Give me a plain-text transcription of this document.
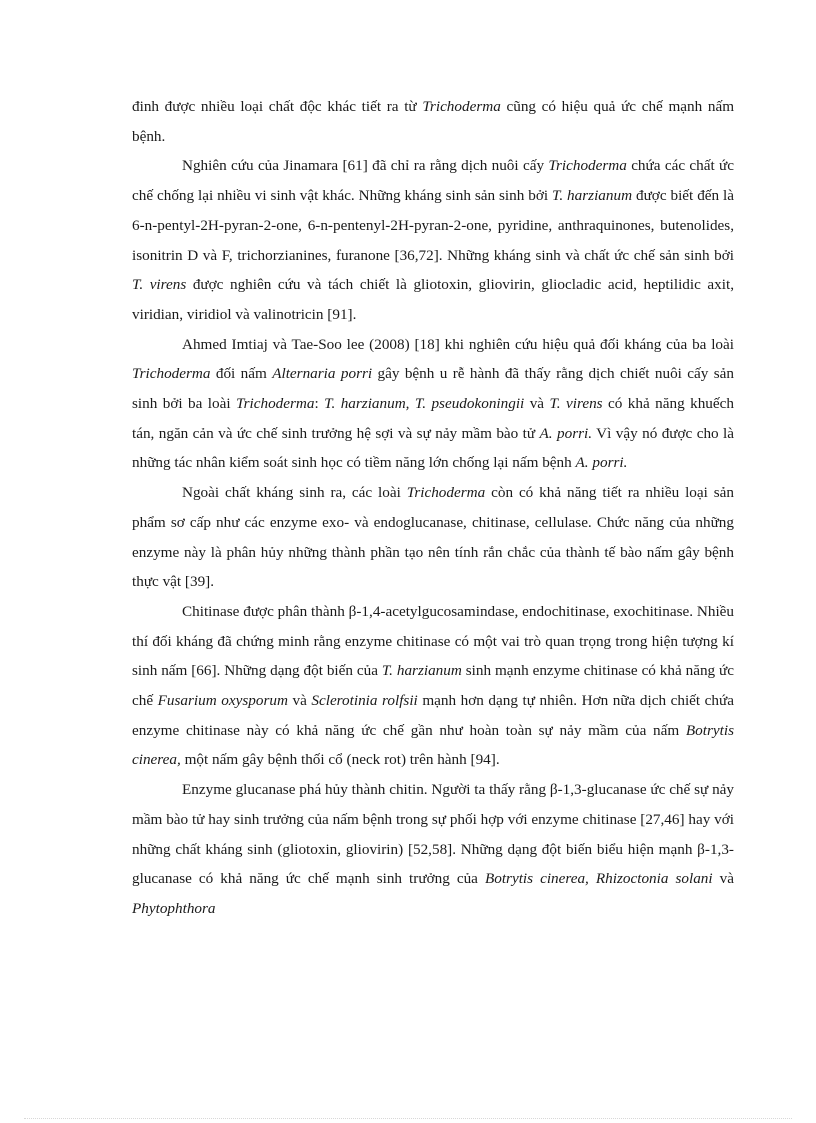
đinh được nhiều loại chất độc khác tiết ra từ Trichoderma cũng có hiệu quả ức chế mạnh nấm bệnh.

Nghiên cứu của Jinamara [61] đã chỉ ra rằng dịch nuôi cấy Trichoderma chứa các chất ức chế chống lại nhiều vi sinh vật khác. Những kháng sinh sản sinh bởi T. harzianum được biết đến là 6-n-pentyl-2H-pyran-2-one, 6-n-pentenyl-2H-pyran-2-one, pyridine, anthraquinones, butenolides, isonitrin D và F, trichorzianines, furanone [36,72]. Những kháng sinh và chất ức chế sản sinh bởi T. virens được nghiên cứu và tách chiết là gliotoxin, gliovirin, gliocladic acid, heptilidic axit, viridian, viridiol và valinotricin [91].

Ahmed Imtiaj và Tae-Soo lee (2008) [18] khi nghiên cứu hiệu quả đối kháng của ba loài Trichoderma đối nấm Alternaria porri gây bệnh u rễ hành đã thấy rằng dịch chiết nuôi cấy sản sinh bởi ba loài Trichoderma: T. harzianum, T. pseudokoningii và T. virens có khả năng khuếch tán, ngăn cản và ức chế sinh trưởng hệ sợi và sự nảy mầm bào tử A. porri. Vì vậy nó được cho là những tác nhân kiểm soát sinh học có tiềm năng lớn chống lại nấm bệnh A. porri.

Ngoài chất kháng sinh ra, các loài Trichoderma còn có khả năng tiết ra nhiều loại sản phẩm sơ cấp như các enzyme exo- và endoglucanase, chitinase, cellulase. Chức năng của những enzyme này là phân hủy những thành phần tạo nên tính rắn chắc của thành tế bào nấm gây bệnh thực vật [39].

Chitinase được phân thành β-1,4-acetylgucosamindase, endochitinase, exochitinase. Nhiều thí đối kháng đã chứng minh rằng enzyme chitinase có một vai trò quan trọng trong hiện tượng kí sinh nấm [66]. Những dạng đột biến của T. harzianum sinh mạnh enzyme chitinase có khả năng ức chế Fusarium oxysporum và Sclerotinia rolfsii mạnh hơn dạng tự nhiên. Hơn nữa dịch chiết chứa enzyme chitinase này có khả năng ức chế gần như hoàn toàn sự nảy mầm của nấm Botrytis cinerea, một nấm gây bệnh thối cổ (neck rot) trên hành [94].

Enzyme glucanase phá hủy thành chitin. Người ta thấy rằng β-1,3-glucanase ức chế sự nảy mầm bào tử hay sinh trưởng của nấm bệnh trong sự phối hợp với enzyme chitinase [27,46] hay với những chất kháng sinh (gliotoxin, gliovirin) [52,58]. Những dạng đột biến biểu hiện mạnh β-1,3-glucanase có khả năng ức chế mạnh sinh trưởng của Botrytis cinerea, Rhizoctonia solani và Phytophthora
